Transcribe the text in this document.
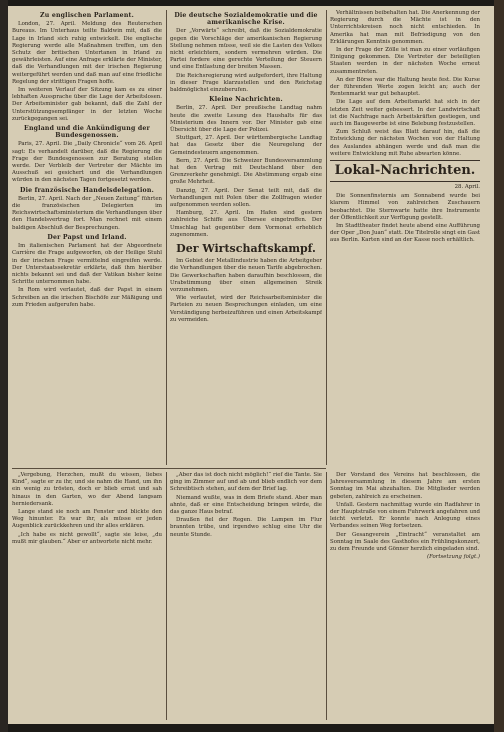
Zu englischen Parlament.

London, 27. April. Meldung des Reuterschen Bureaus. Im Unterhaus teilte Baldwin mit, daß die Lage in Irland sich ruhig entwickelt. Die englische Regierung werde alle Maßnahmen treffen, um den Schutz der britischen Untertanen in Irland zu gewährleisten. Auf eine Anfrage erklärte der Minister, daß die Verhandlungen mit der irischen Regierung weitergeführt werden und daß man auf eine friedliche Regelung der strittigen Fragen hoffe.

Im weiteren Verlauf der Sitzung kam es zu einer lebhaften Aussprache über die Lage der Arbeitslosen. Der Arbeitsminister gab bekannt, daß die Zahl der Unterstützungsempfänger in der letzten Woche zurückgegangen sei.

England und die Ankündigung der Bundesgenossen.

Paris, 27. April. Die „Daily Chronicle“ vom 26. April sagt: Es verhandelt darüber, daß die Regierung die Frage der Bundesgenossen zur Beratung stellen werde. Der Verbleib der Vertreter der Mächte im Ausschuß sei gesichert und die Verhandlungen würden in den nächsten Tagen fortgesetzt werden.

Die französische Handelsdelegation.

Berlin, 27. April. Nach der „Neuen Zeitung“ führten die französischen Delegierten im Reichswirtschaftsministerium die Verhandlungen über den Handelsvertrag fort. Man rechnet mit einem baldigen Abschluß der Besprechungen.

Der Papst und Irland.

Im italienischen Parlament hat der Abgeordnete Carrière die Frage aufgeworfen, ob der Heilige Stuhl in der irischen Frage vermittelnd eingreifen werde. Der Unterstaatssekretär erklärte, daß ihm hierüber nichts bekannt sei und daß der Vatikan bisher keine Schritte unternommen habe.

In Rom wird verlautet, daß der Papst in einem Schreiben an die irischen Bischöfe zur Mäßigung und zum Frieden aufgerufen habe.

Die deutsche Sozialdemokratie und die amerikanische Krise.

Der „Vorwärts“ schreibt, daß die Sozialdemokratie gegen die Vorschläge der amerikanischen Regierung Stellung nehmen müsse, weil sie die Lasten des Volkes nicht erleichtern, sondern vermehren würden. Die Partei fordere eine gerechte Verteilung der Steuern und eine Entlastung der breiten Massen.

Die Reichsregierung wird aufgefordert, ihre Haltung in dieser Frage klarzustellen und den Reichstag baldmöglichst einzuberufen.

Kleine Nachrichten.

Berlin, 27. April. Der preußische Landtag nahm heute die zweite Lesung des Haushalts für das Ministerium des Innern vor. Der Minister gab eine Übersicht über die Lage der Polizei.

Stuttgart, 27. April. Der württembergische Landtag hat das Gesetz über die Neuregelung der Gemeindesteuern angenommen.

Bern, 27. April. Die Schweizer Bundesversammlung hat den Vertrag mit Deutschland über den Grenzverkehr genehmigt. Die Abstimmung ergab eine große Mehrheit.

Danzig, 27. April. Der Senat teilt mit, daß die Verhandlungen mit Polen über die Zollfragen wieder aufgenommen werden sollen.

Hamburg, 27. April. Im Hafen sind gestern zahlreiche Schiffe aus Übersee eingetroffen. Der Umschlag hat gegenüber dem Vormonat erheblich zugenommen.

Der Wirtschaftskampf.

Im Gebiet der Metallindustrie haben die Arbeitgeber die Verhandlungen über die neuen Tarife abgebrochen. Die Gewerkschaften haben daraufhin beschlossen, die Urabstimmung über einen allgemeinen Streik vorzunehmen.

Wie verlautet, wird der Reichsarbeitsminister die Parteien zu neuen Besprechungen einladen, um eine Verständigung herbeizuführen und einen Arbeitskampf zu vermeiden.

Verhältnissen beibehalten hat. Die Anerkennung der Regierung durch die Mächte ist in den Unterrichtskreisen noch nicht entschieden. In Amerika hat man mit Befriedigung von den Erklärungen Kenntnis genommen.

In der Frage der Zölle ist man zu einer vorläufigen Einigung gekommen. Die Vertreter der beteiligten Staaten werden in der nächsten Woche erneut zusammentreten.

An der Börse war die Haltung heute fest. Die Kurse der führenden Werte zogen leicht an; auch der Rentenmarkt war gut behauptet.

Die Lage auf dem Arbeitsmarkt hat sich in der letzten Zeit weiter gebessert. In der Landwirtschaft ist die Nachfrage nach Arbeitskräften gestiegen, und auch im Baugewerbe ist eine Belebung festzustellen.

Zum Schluß weist das Blatt darauf hin, daß die Entwicklung der nächsten Wochen von der Haltung des Auslandes abhängen werde und daß man die weitere Entwicklung mit Ruhe abwarten könne.

Lokal-Nachrichten.
28. April.

Die Sonnenfinsternis am Sonnabend wurde bei klarem Himmel von zahlreichen Zuschauern beobachtet. Die Sternwarte hatte ihre Instrumente der Öffentlichkeit zur Verfügung gestellt.

Im Stadttheater findet heute abend eine Aufführung der Oper „Don Juan“ statt. Die Titelrolle singt ein Gast aus Berlin. Karten sind an der Kasse noch erhältlich.

„Vergebung, Herzchen, mußt du wissen, liebes Kind“, sagte er zu ihr, und sie nahm die Hand, um ihn ein wenig zu trösten, doch er blieb ernst und sah hinaus in den Garten, wo der Abend langsam herniedersank.

Lange stand sie noch am Fenster und blickte den Weg hinunter. Es war ihr, als müsse er jeden Augenblick zurückkehren und ihr alles erklären.

„Ich habe es nicht gewollt“, sagte sie leise, „du mußt mir glauben.“ Aber er antwortete nicht mehr.

„Aber das ist doch nicht möglich!“ rief die Tante. Sie ging im Zimmer auf und ab und blieb endlich vor dem Schreibtisch stehen, auf dem der Brief lag.

Niemand wußte, was in dem Briefe stand. Aber man ahnte, daß er eine Entscheidung bringen würde, die das ganze Haus betraf.

Draußen fiel der Regen. Die Lampen im Flur brannten trübe, und irgendwo schlug eine Uhr die neunte Stunde.

Der Vorstand des Vereins hat beschlossen, die Jahresversammlung in diesem Jahre am ersten Sonntag im Mai abzuhalten. Die Mitglieder werden gebeten, zahlreich zu erscheinen.

Unfall. Gestern nachmittag wurde ein Radfahrer in der Hauptstraße von einem Fuhrwerk angefahren und leicht verletzt. Er konnte nach Anlegung eines Verbandes seinen Weg fortsetzen.

Der Gesangverein „Eintracht“ veranstaltet am Sonntag im Saale des Gasthofes ein Frühlingskonzert, zu dem Freunde und Gönner herzlich eingeladen sind.

(Fortsetzung folgt.)
